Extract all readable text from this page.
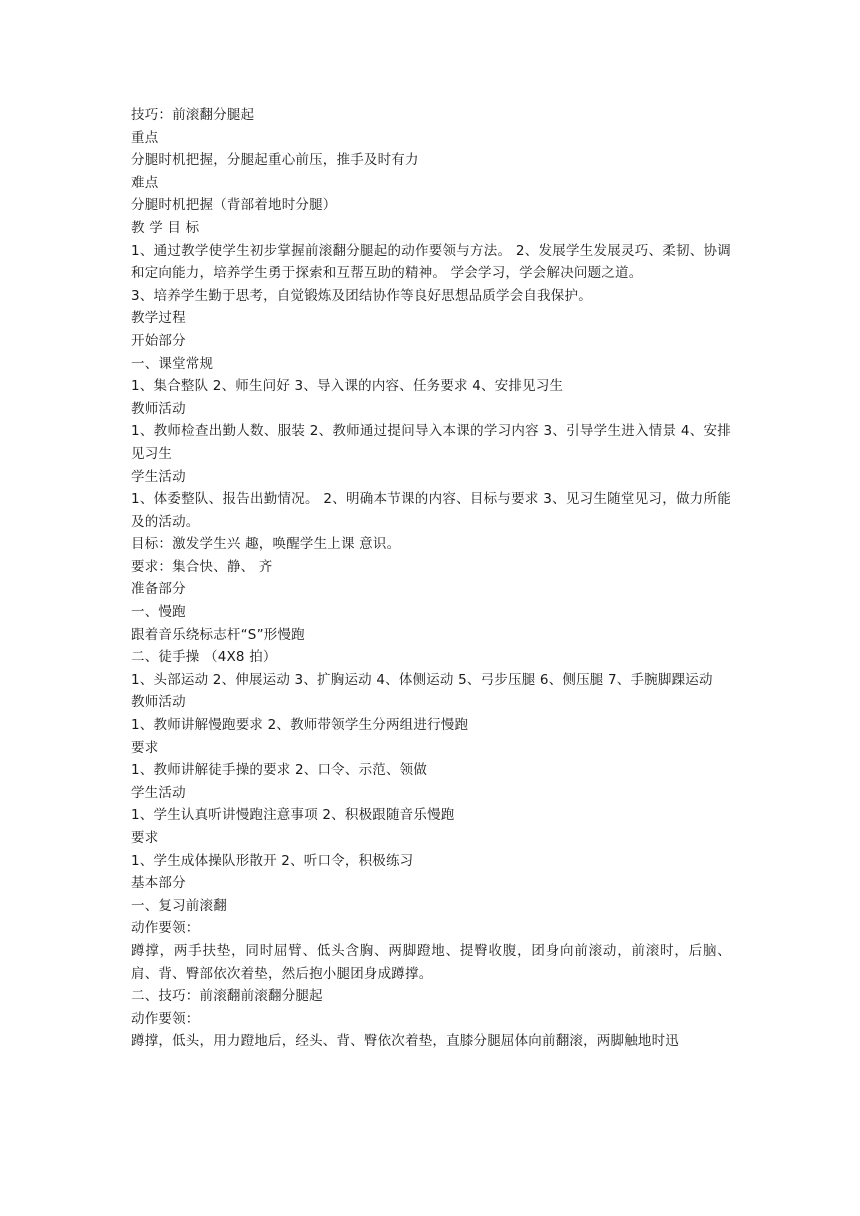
技巧：前滚翻分腿起
重点
分腿时机把握，分腿起重心前压，推手及时有力
难点
分腿时机把握（背部着地时分腿）
教 学 目 标
1、通过教学使学生初步掌握前滚翻分腿起的动作要领与方法。 2、发展学生发展灵巧、柔韧、协调和定向能力，培养学生勇于探索和互帮互助的精神。 学会学习，学会解决问题之道。
3、培养学生勤于思考，自觉锻炼及团结协作等良好思想品质学会自我保护。
教学过程
开始部分
一、课堂常规
1、集合整队 2、师生问好 3、导入课的内容、任务要求 4、安排见习生
教师活动
1、教师检查出勤人数、服装 2、教师通过提问导入本课的学习内容 3、引导学生进入情景 4、安排见习生
学生活动
1、体委整队、报告出勤情况。 2、明确本节课的内容、目标与要求 3、见习生随堂见习，做力所能及的活动。
目标：激发学生兴 趣，唤醒学生上课 意识。
要求：集合快、静、 齐
准备部分
一、慢跑
跟着音乐绕标志杆“S”形慢跑
二、徒手操 （4X8 拍）
1、头部运动 2、伸展运动 3、扩胸运动 4、体侧运动 5、弓步压腿 6、侧压腿 7、手腕脚踝运动
教师活动
1、教师讲解慢跑要求 2、教师带领学生分两组进行慢跑
要求
1、教师讲解徒手操的要求 2、口令、示范、领做
学生活动
1、学生认真听讲慢跑注意事项 2、积极跟随音乐慢跑
要求
1、学生成体操队形散开 2、听口令，积极练习
基本部分
一、复习前滚翻
动作要领：
蹲撑，两手扶垫，同时屈臂、低头含胸、两脚蹬地、提臀收腹，团身向前滚动，前滚时，后脑、肩、背、臀部依次着垫，然后抱小腿团身成蹲撑。
二、技巧：前滚翻前滚翻分腿起
动作要领：
蹲撑，低头，用力蹬地后，经头、背、臀依次着垫，直膝分腿屈体向前翻滚，两脚触地时迅
